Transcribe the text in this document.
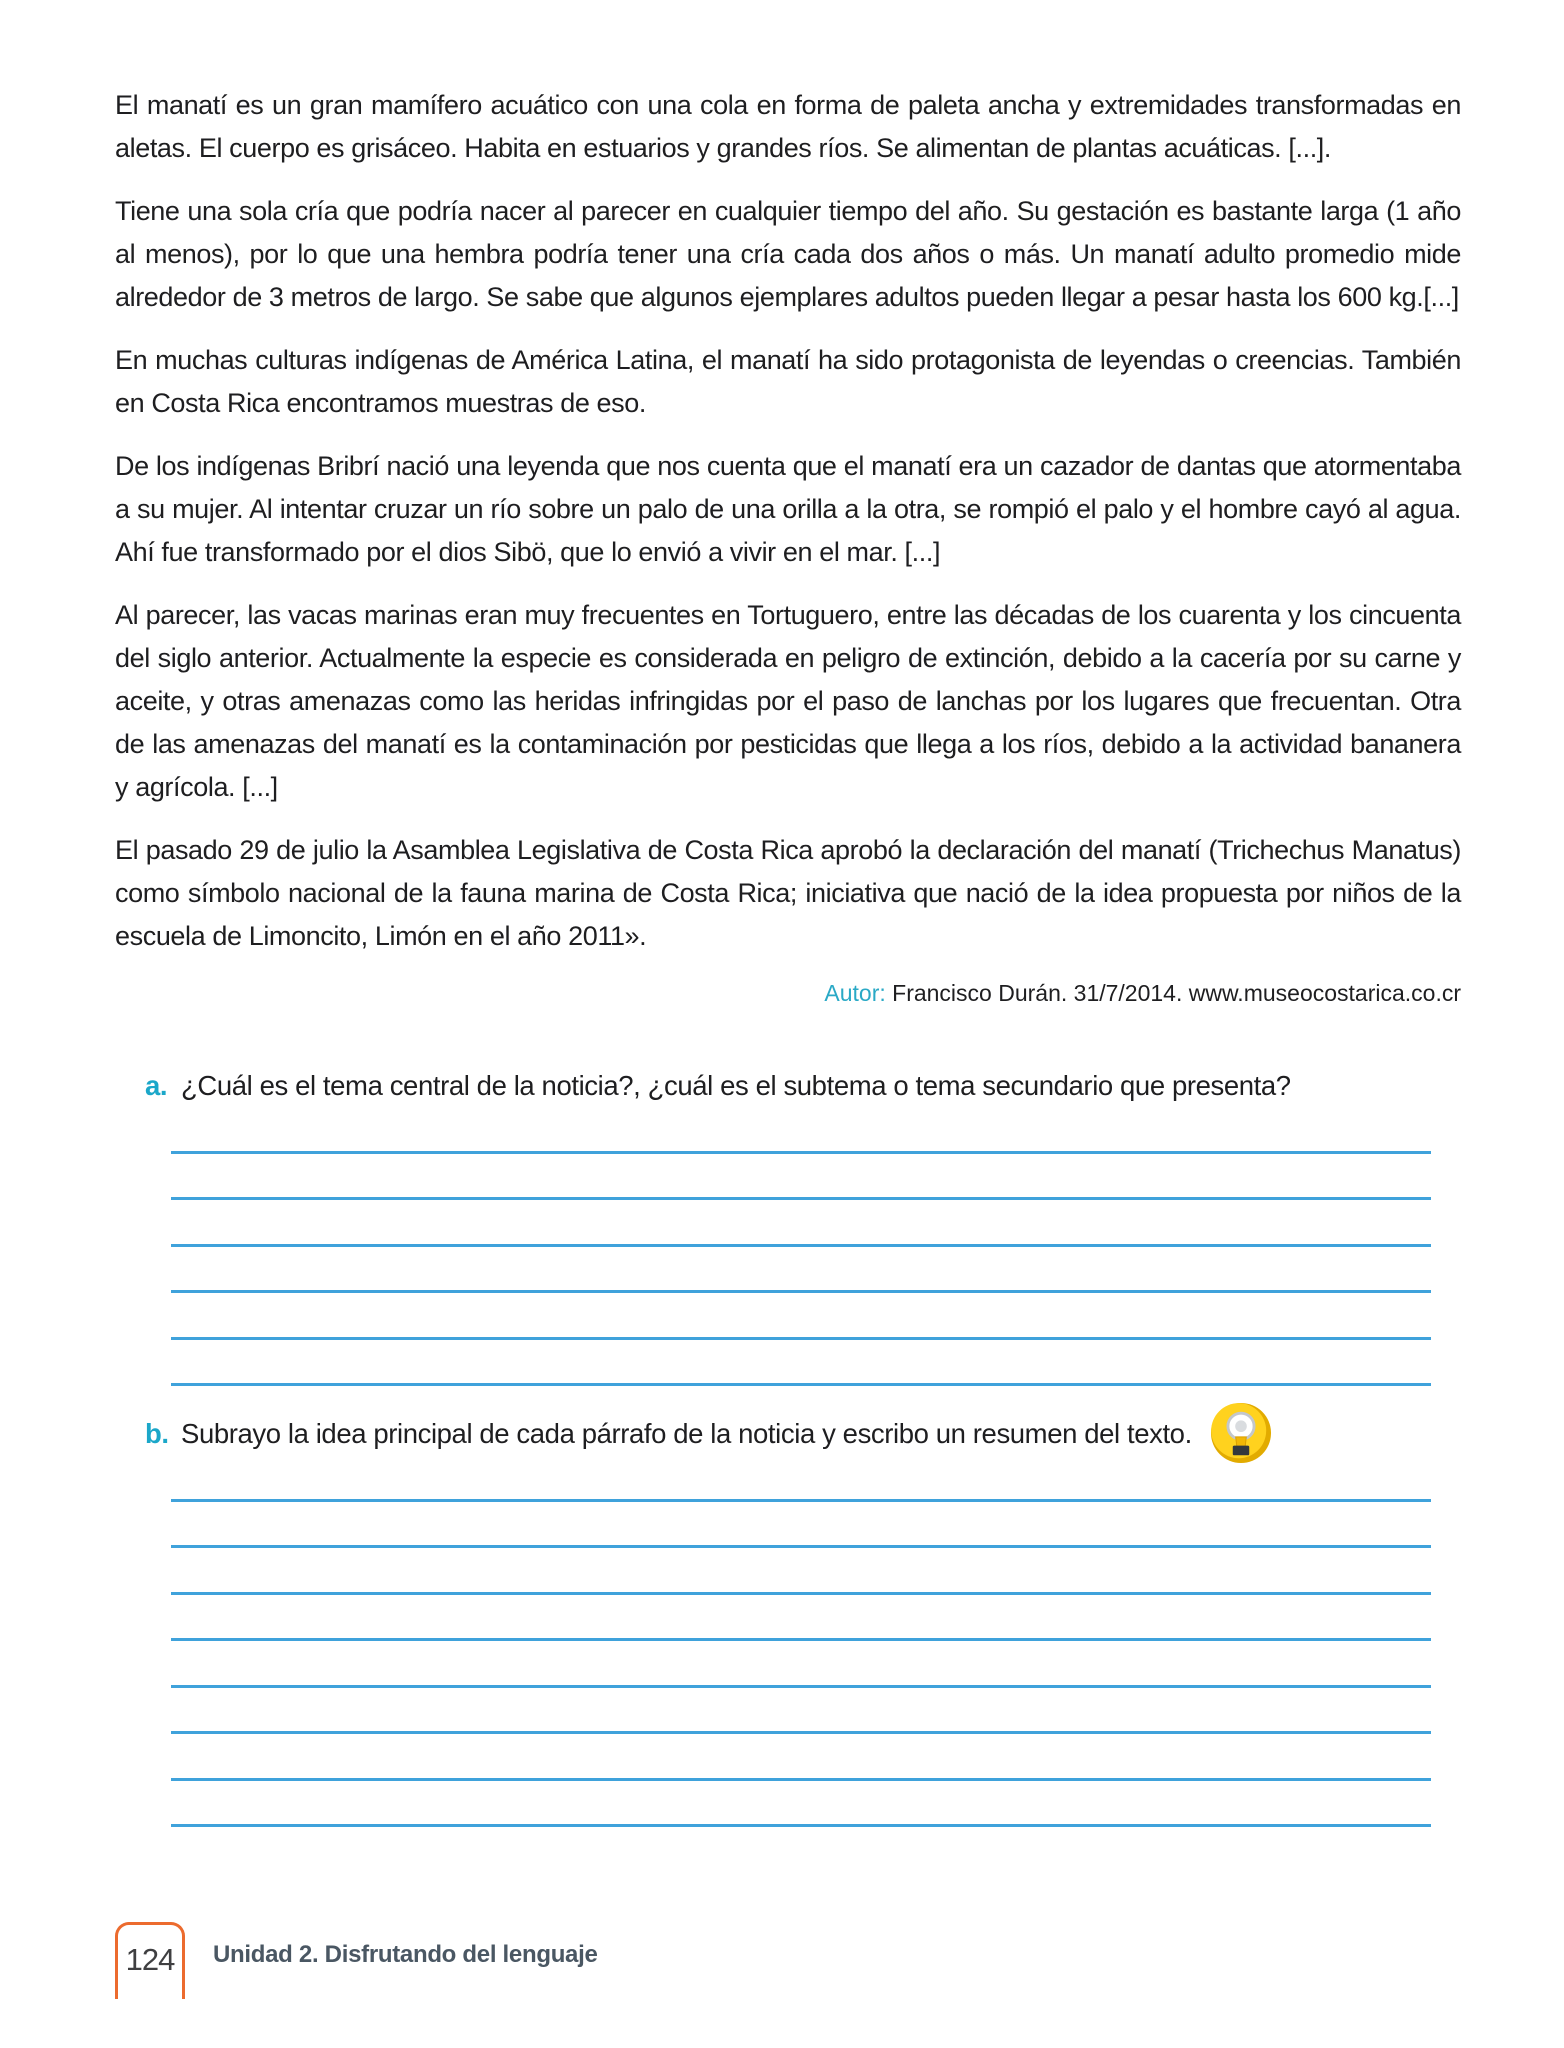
El manatí es un gran mamífero acuático con una cola en forma de paleta ancha y extremidades transformadas en aletas. El cuerpo es grisáceo. Habita en estuarios y grandes ríos. Se alimentan de plantas acuáticas. [...].

Tiene una sola cría que podría nacer al parecer en cualquier tiempo del año. Su gestación es bastante larga (1 año al menos), por lo que una hembra podría tener una cría cada dos años o más. Un manatí adulto promedio mide alrededor de 3 metros de largo. Se sabe que algunos ejemplares adultos pueden llegar a pesar hasta los 600 kg.[...]

En muchas culturas indígenas de América Latina, el manatí ha sido protagonista de leyendas o creencias. También en Costa Rica encontramos muestras de eso.

De los indígenas Bribrí nació una leyenda que nos cuenta que el manatí era un cazador de dantas que atormentaba a su mujer. Al intentar cruzar un río sobre un palo de una orilla a la otra, se rompió el palo y el hombre cayó al agua. Ahí fue transformado por el dios Sibö, que lo envió a vivir en el mar. [...]

Al parecer, las vacas marinas eran muy frecuentes en Tortuguero, entre las décadas de los cuarenta y los cincuenta del siglo anterior. Actualmente la especie es considerada en peligro de extinción, debido a la cacería por su carne y aceite, y otras amenazas como las heridas infringidas por el paso de lanchas por los lugares que frecuentan. Otra de las amenazas del manatí es la contaminación por pesticidas que llega a los ríos, debido a la actividad bananera y agrícola. [...]

El pasado 29 de julio la Asamblea Legislativa de Costa Rica aprobó la declaración del manatí (Trichechus Manatus) como símbolo nacional de la fauna marina de Costa Rica; iniciativa que nació de la idea propuesta por niños de la escuela de Limoncito, Limón en el año 2011».

Autor: Francisco Durán. 31/7/2014. www.museocostarica.co.cr
a. ¿Cuál es el tema central de la noticia?, ¿cuál es el subtema o tema secundario que presenta?
b. Subrayo la idea principal de cada párrafo de la noticia y escribo un resumen del texto.
124 Unidad 2. Disfrutando del lenguaje
